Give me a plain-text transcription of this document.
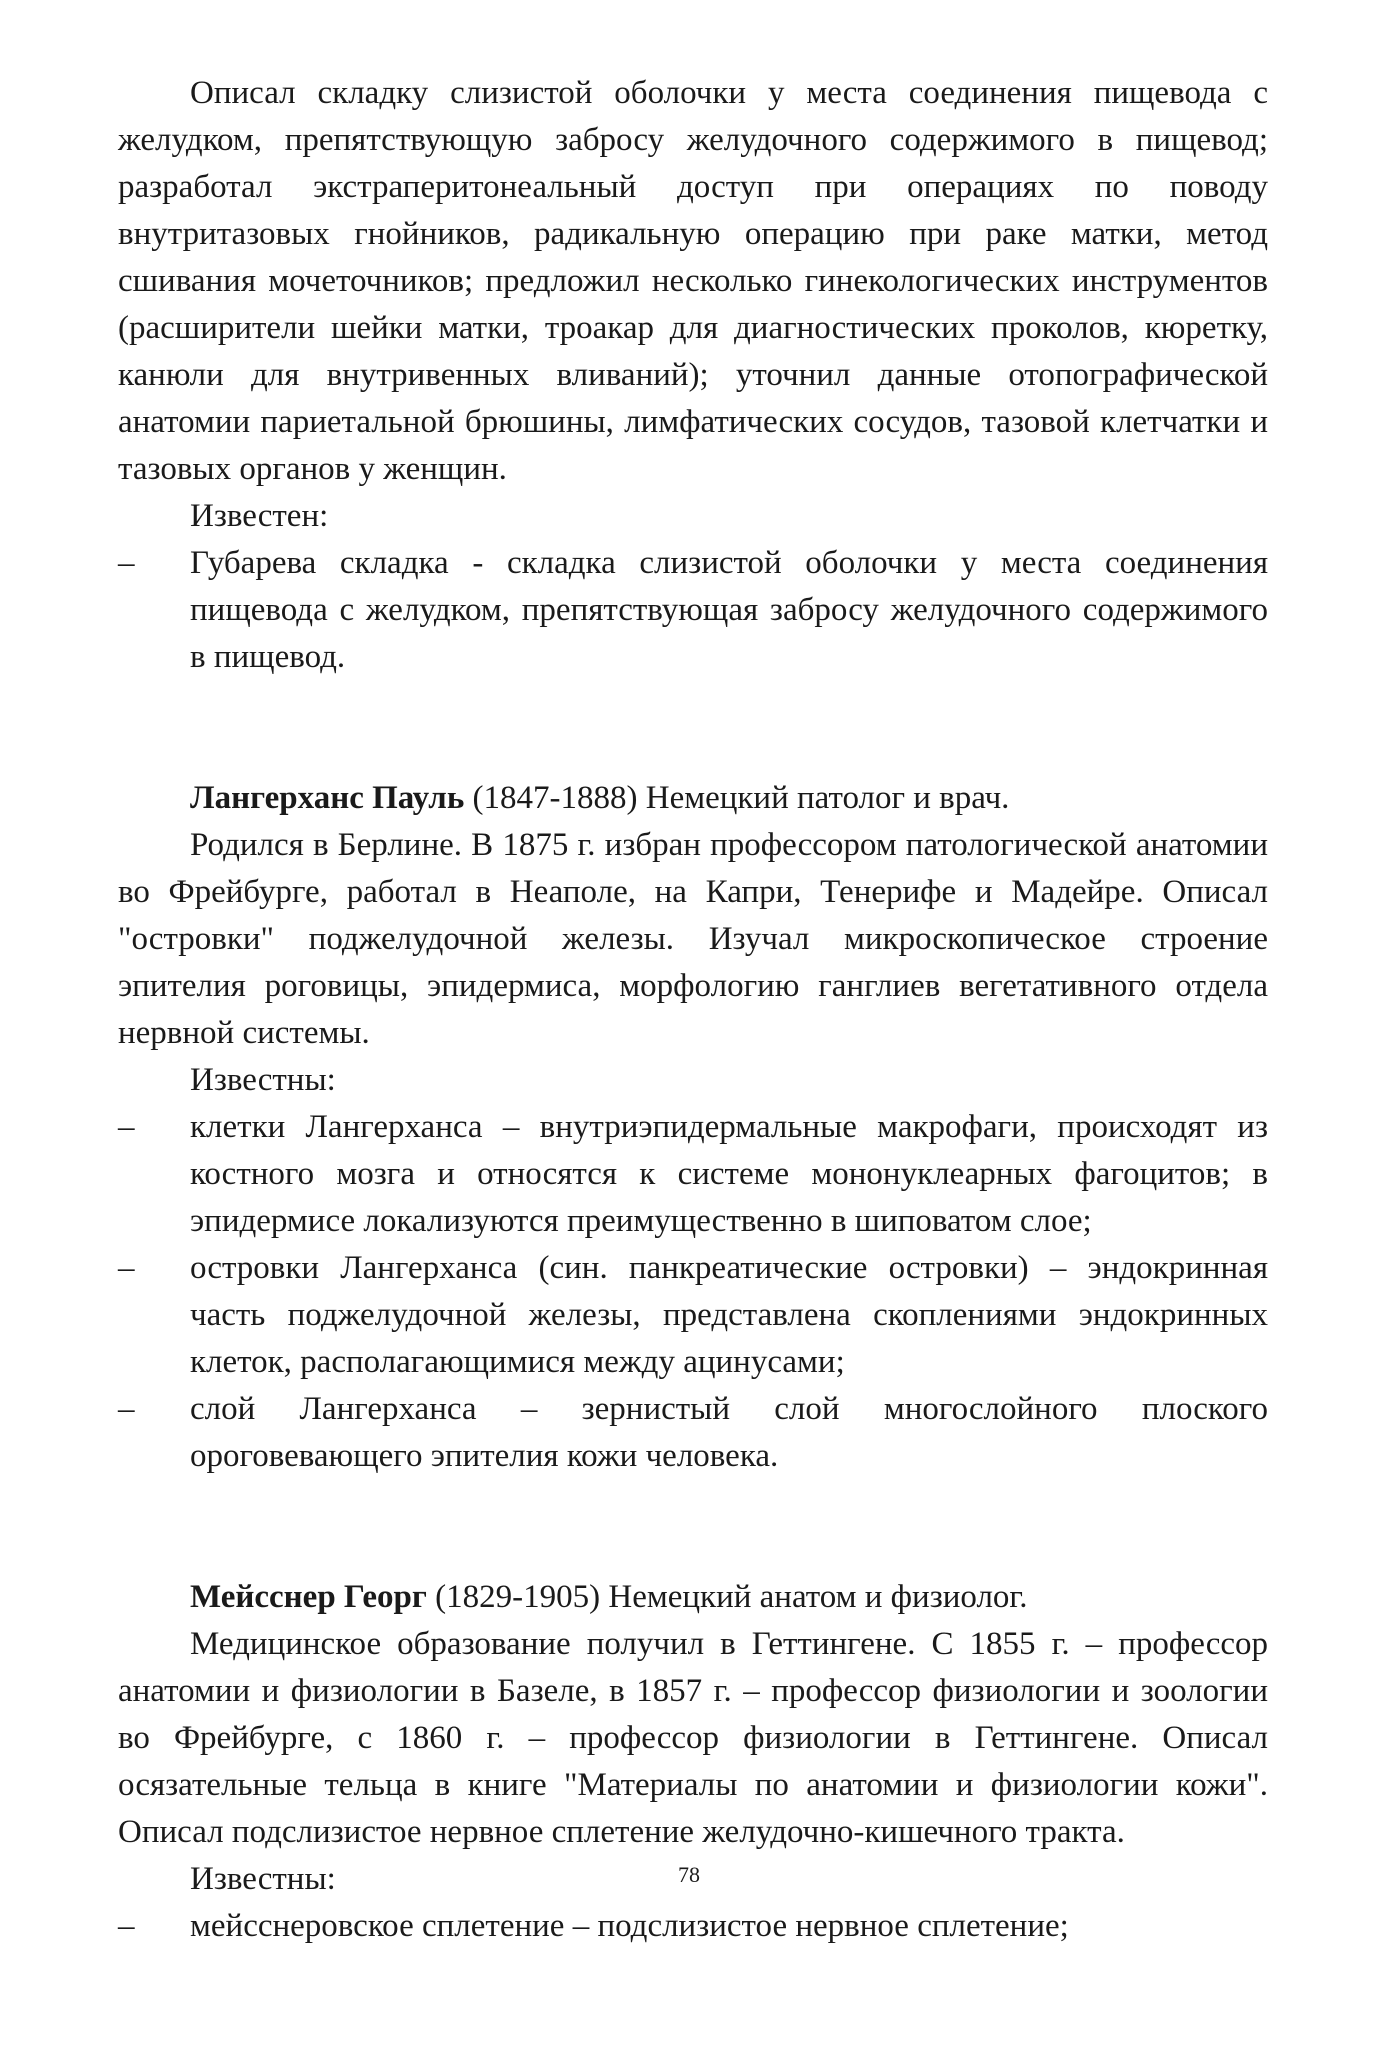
Описал складку слизистой оболочки у места соединения пищевода с желудком, препятствующую забросу желудочного содержимого в пищевод; разработал экстраперитонеальный доступ при операциях по поводу внутритазовых гнойников, радикальную операцию при раке матки, метод сшивания мочеточников; предложил несколько гинекологических инструментов (расширители шейки матки, троакар для диагностических проколов, кюретку, канюли для внутривенных вливаний); уточнил данные отопографической анатомии париетальной брюшины, лимфатических сосудов, тазовой клетчатки и тазовых органов у женщин.

Известен:

– Губарева складка - складка слизистой оболочки у места соединения пищевода с желудком, препятствующая забросу желудочного содержимого в пищевод.

Лангерханс Пауль (1847-1888) Немецкий патолог и врач.

Родился в Берлине. В 1875 г. избран профессором патологической анатомии во Фрейбурге, работал в Неаполе, на Капри, Тенерифе и Мадейре. Описал "островки" поджелудочной железы. Изучал микроскопическое строение эпителия роговицы, эпидермиса, морфологию ганглиев вегетативного отдела нервной системы.

Известны:

– клетки Лангерханса – внутриэпидермальные макрофаги, происходят из костного мозга и относятся к системе мононуклеарных фагоцитов; в эпидермисе локализуются преимущественно в шиповатом слое;
– островки Лангерханса (син. панкреатические островки) – эндокринная часть поджелудочной железы, представлена скоплениями эндокринных клеток, располагающимися между ацинусами;
– слой Лангерханса – зернистый слой многослойного плоского ороговевающего эпителия кожи человека.

Мейсснер Георг (1829-1905) Немецкий анатом и физиолог.

Медицинское образование получил в Геттингене. С 1855 г. – профессор анатомии и физиологии в Базеле, в 1857 г. – профессор физиологии и зоологии во Фрейбурге, с 1860 г. – профессор физиологии в Геттингене. Описал осязательные тельца в книге "Материалы по анатомии и физиологии кожи". Описал подслизистое нервное сплетение желудочно-кишечного тракта.

Известны:

– мейсснеровское сплетение – подслизистое нервное сплетение;
78
